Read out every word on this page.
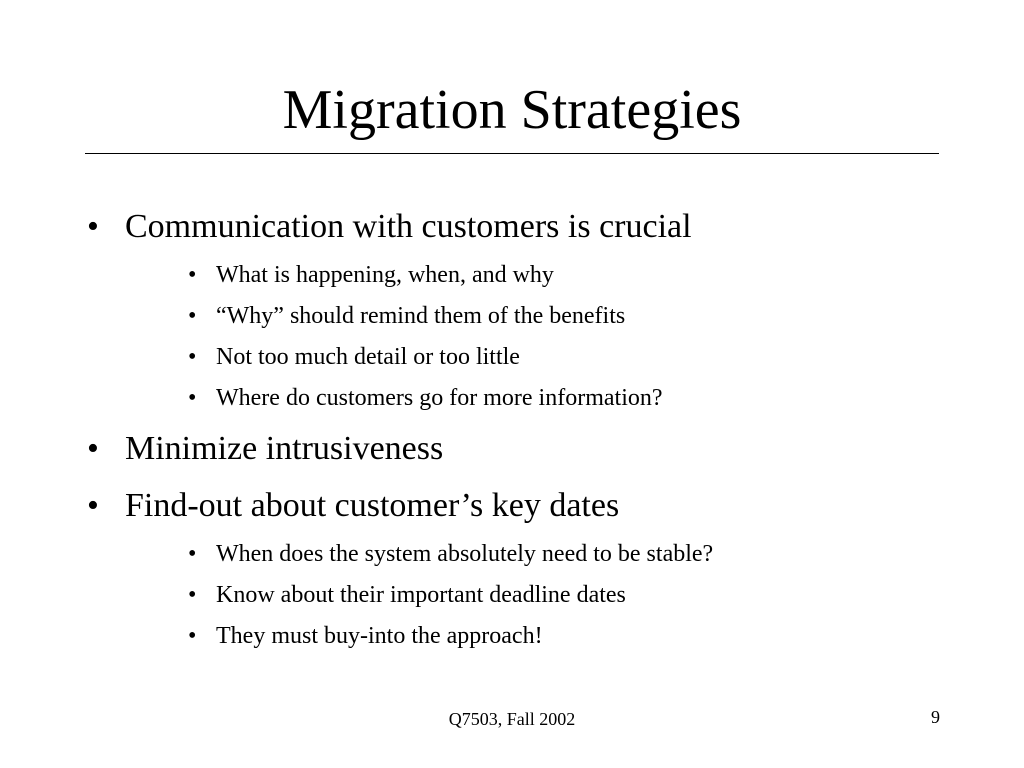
Migration Strategies
• Communication with customers is crucial
• What is happening, when, and why
• “Why” should remind them of the benefits
• Not too much detail or too little
• Where do customers go for more information?
• Minimize intrusiveness
• Find-out about customer’s key dates
• When does the system absolutely need to be stable?
• Know about their important deadline dates
• They must buy-into the approach!
Q7503, Fall 2002	9
